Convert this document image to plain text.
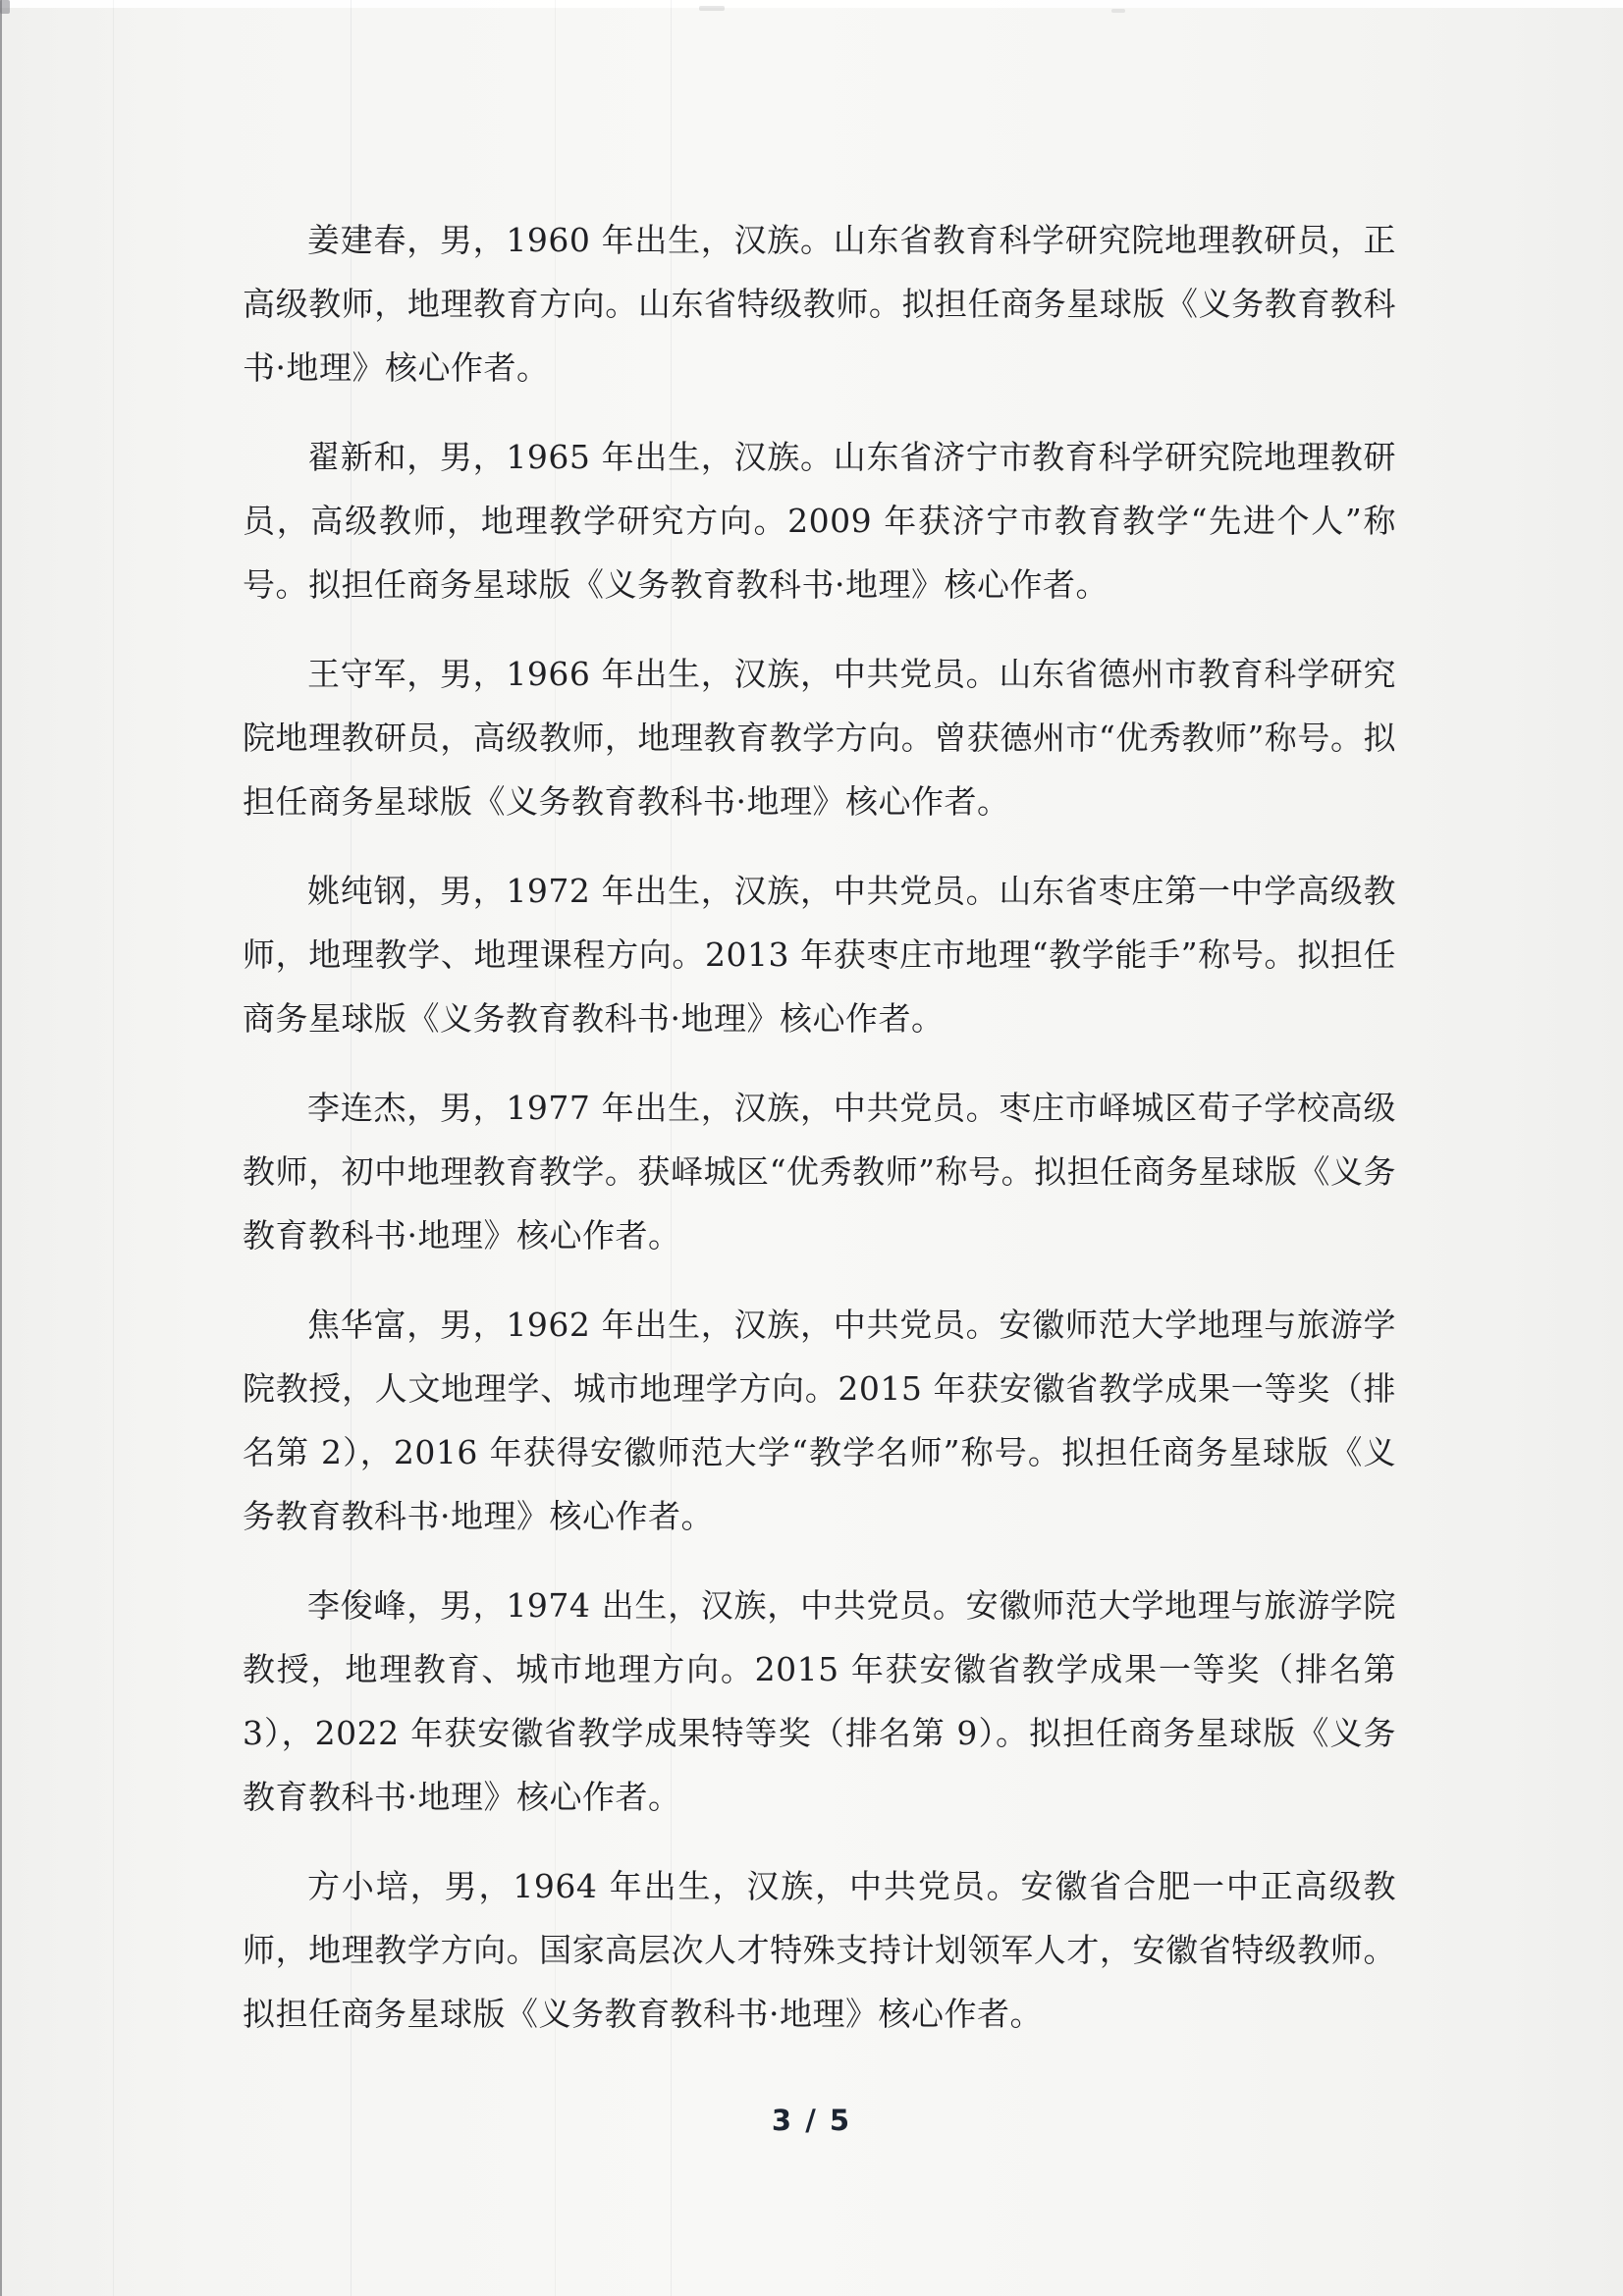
姜建春，男，1960 年出生，汉族。山东省教育科学研究院地理教研员，正高级教师，地理教育方向。山东省特级教师。拟担任商务星球版《义务教育教科书·地理》核心作者。

翟新和，男，1965 年出生，汉族。山东省济宁市教育科学研究院地理教研员，高级教师，地理教学研究方向。2009 年获济宁市教育教学“先进个人”称号。拟担任商务星球版《义务教育教科书·地理》核心作者。

王守军，男，1966 年出生，汉族，中共党员。山东省德州市教育科学研究院地理教研员，高级教师，地理教育教学方向。曾获德州市“优秀教师”称号。拟担任商务星球版《义务教育教科书·地理》核心作者。

姚纯钢，男，1972 年出生，汉族，中共党员。山东省枣庄第一中学高级教师，地理教学、地理课程方向。2013 年获枣庄市地理“教学能手”称号。拟担任商务星球版《义务教育教科书·地理》核心作者。

李连杰，男，1977 年出生，汉族，中共党员。枣庄市峄城区荀子学校高级教师，初中地理教育教学。获峄城区“优秀教师”称号。拟担任商务星球版《义务教育教科书·地理》核心作者。

焦华富，男，1962 年出生，汉族，中共党员。安徽师范大学地理与旅游学院教授，人文地理学、城市地理学方向。2015 年获安徽省教学成果一等奖（排名第 2），2016 年获得安徽师范大学“教学名师”称号。拟担任商务星球版《义务教育教科书·地理》核心作者。

李俊峰，男，1974 出生，汉族，中共党员。安徽师范大学地理与旅游学院教授，地理教育、城市地理方向。2015 年获安徽省教学成果一等奖（排名第 3），2022 年获安徽省教学成果特等奖（排名第 9）。拟担任商务星球版《义务教育教科书·地理》核心作者。

方小培，男，1964 年出生，汉族，中共党员。安徽省合肥一中正高级教师，地理教学方向。国家高层次人才特殊支持计划领军人才，安徽省特级教师。拟担任商务星球版《义务教育教科书·地理》核心作者。

3 / 5
